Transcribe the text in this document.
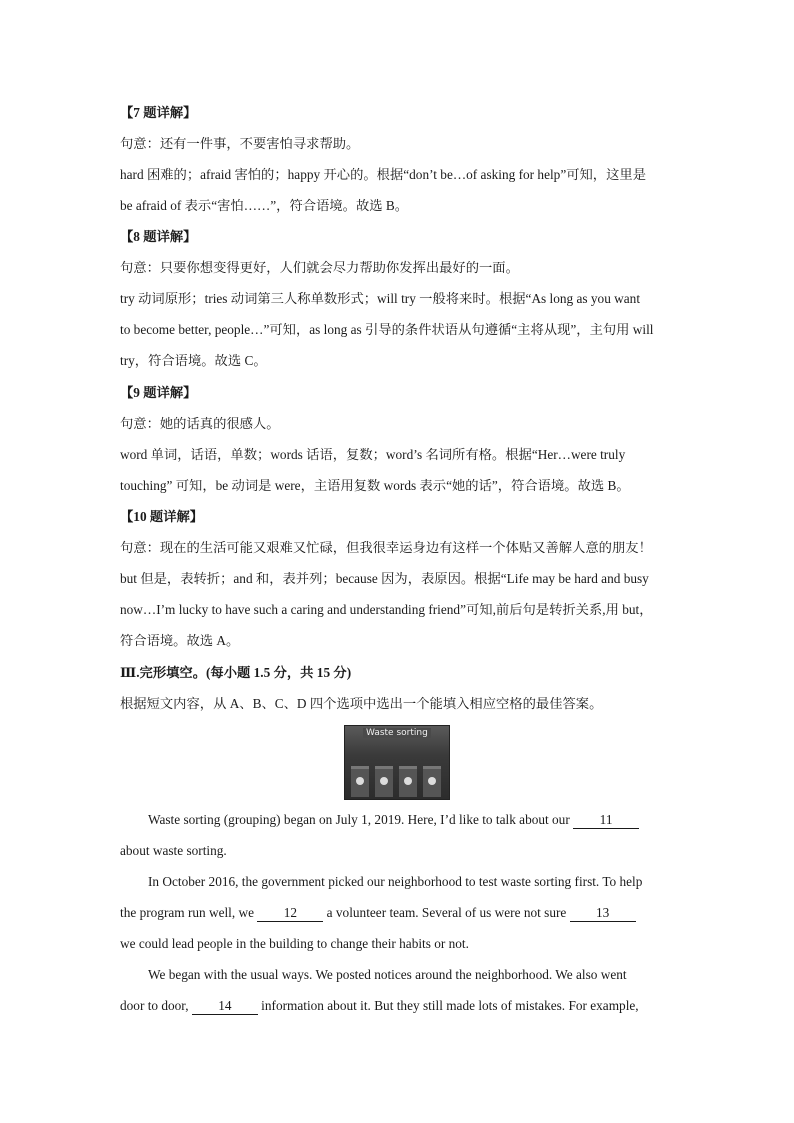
【7 题详解】
句意：还有一件事，不要害怕寻求帮助。
hard 困难的；afraid 害怕的；happy 开心的。根据“don’t be…of asking for help”可知，这里是
be afraid of 表示“害怕……”，符合语境。故选 B。
【8 题详解】
句意：只要你想变得更好，人们就会尽力帮助你发挥出最好的一面。
try 动词原形；tries 动词第三人称单数形式；will try 一般将来时。根据“As long as you want
to become better, people…”可知，as long as 引导的条件状语从句遵循“主将从现”，主句用 will
try，符合语境。故选 C。
【9 题详解】
句意：她的话真的很感人。
word 单词，话语，单数；words 话语，复数；word’s 名词所有格。根据“Her…were truly
touching” 可知，be 动词是 were，主语用复数 words 表示“她的话”，符合语境。故选 B。
【10 题详解】
句意：现在的生活可能又艰难又忙碌，但我很幸运身边有这样一个体贴又善解人意的朋友！
but 但是，表转折；and 和，表并列；because 因为，表原因。根据“Life may be hard and busy
now…I’m lucky to have such a caring and understanding friend”可知,前后句是转折关系,用 but，
符合语境。故选 A。
Ⅲ.完形填空。(每小题 1.5 分，共 15 分)
根据短文内容，从 A、B、C、D 四个选项中选出一个能填入相应空格的最佳答案。
Waste sorting
Waste sorting (grouping) began on July 1, 2019. Here, I’d like to talk about our 11
about waste sorting.
In October 2016, the government picked our neighborhood to test waste sorting first. To help
the program run well, we 12 a volunteer team. Several of us were not sure 13
we could lead people in the building to change their habits or not.
We began with the usual ways. We posted notices around the neighborhood. We also went
door to door, 14 information about it. But they still made lots of mistakes. For example,
